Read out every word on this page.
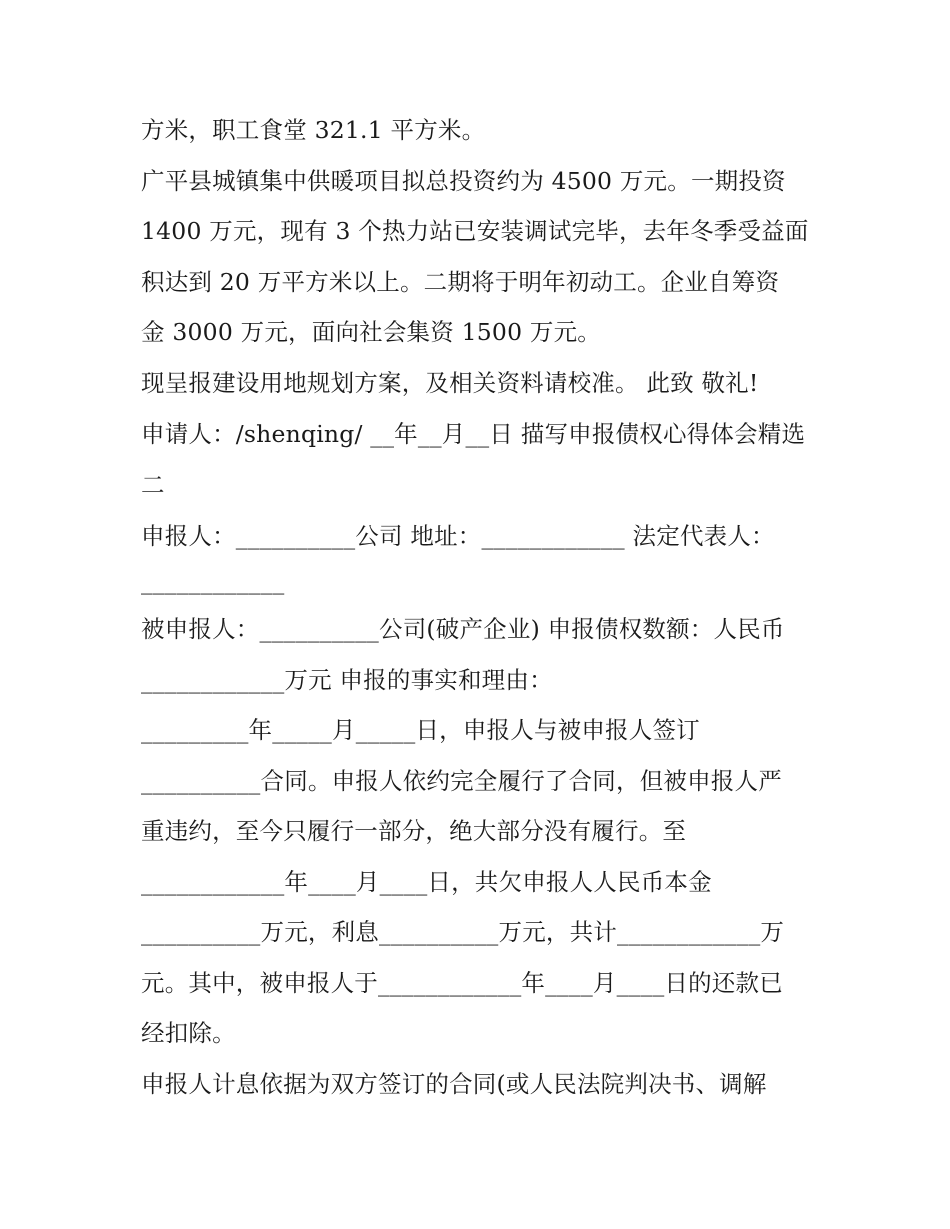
方米，职工食堂 321.1 平方米。
广平县城镇集中供暖项目拟总投资约为 4500 万元。一期投资
1400 万元，现有 3 个热力站已安装调试完毕，去年冬季受益面
积达到 20 万平方米以上。二期将于明年初动工。企业自筹资
金 3000 万元，面向社会集资 1500 万元。
现呈报建设用地规划方案，及相关资料请校准。 此致 敬礼!
申请人：/shenqing/ __年__月__日 描写申报债权心得体会精选
二
申报人：__________公司 地址：____________ 法定代表人：
____________
被申报人：__________公司(破产企业) 申报债权数额：人民币
____________万元 申报的事实和理由：
_________年_____月_____日，申报人与被申报人签订
__________合同。申报人依约完全履行了合同，但被申报人严
重违约，至今只履行一部分，绝大部分没有履行。至
____________年____月____日，共欠申报人人民币本金
__________万元，利息__________万元，共计____________万
元。其中，被申报人于____________年____月____日的还款已
经扣除。
申报人计息依据为双方签订的合同(或人民法院判决书、调解
